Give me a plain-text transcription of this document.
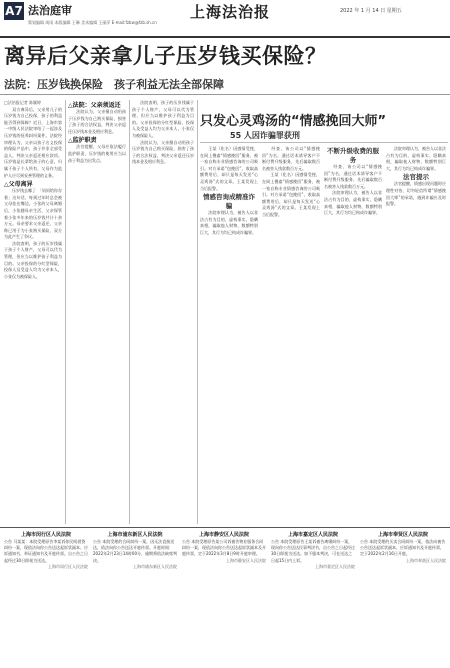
A7 法治庭审
策划编辑 周雨 本版编辑 王琳 美术编辑 王丽萍 E-mail:fzbw@fzb.sh.cn
上海法治报	2022 年 1 月 14 日 星期五
离异后父亲拿儿子压岁钱买保险？
法院：压岁钱换保险　孩子利益无法全部保障

□法治报记者 陈颖婷

　　双方离异后，父亲用儿子的压岁钱为自己投保，孩子的利益能否得到保障？近日，上海市第一中级人民法院审结了一起涉及压岁钱的抚养纠纷案件。法院经审理认为，父亲以孩子名义投保的保险产品中，孩子并非全部受益人，判决父亲返还相应款项。压岁钱是长辈给孩子的心意，归属于孩子个人所有，父母作为监护人应尽到妥善管理的义务。

△父母离异

　　压岁钱去哪了　「妈妈给你存着」这句话，每到过年时总会被父母挂在嘴边。小张的父母离婚后，小张随母亲生活，父亲保管着小张多年来的压岁钱共计十余万元。母亲要求父亲返还，父亲称已用于为小张购买保险，双方为此产生了争议。

　　法院查明，孩子的压岁钱属于孩子个人财产，父母可以代为管理，但应当以维护孩子利益为目的。父亲投保的分红型保险，投保人及受益人均为父亲本人，小张仅为被保险人。

△法院：父亲须返还

　　法院认为，父亲擅自动用孩子压岁钱为自己购买保险，损害了孩子的合法权益，判决父亲返还压岁钱本金及相应利息。

△监护职责

　　法官提醒，父母应依法履行监护职责，压岁钱的使用应当以孩子利益为出发点。

　　法院查明，孩子的压岁钱属于孩子个人财产，父母可以代为管理，但应当以维护孩子利益为目的。父亲投保的分红型保险，投保人及受益人均为父亲本人，小张仅为被保险人。

　　法院认为，父亲擅自动用孩子压岁钱为自己购买保险，损害了孩子的合法权益，判决父亲返还压岁钱本金及相应利息。

只发心灵鸡汤的“情感挽回大师”
55 人因诈骗罪获刑

　　王某（化名）因感情受挫，在网上搜索“情感挽回”服务，被一家自称专业情感咨询的公司吸引。对方承诺“包挽回”，收取高额费用后，却只是每天发送“心灵鸡汤”式的文章。王某发现上当后报警。

情感咨询成精准诈骗

　　法院审理认为，被告人以非法占有为目的，虚构事实、隐瞒真相，骗取他人财物，数额特别巨大，其行为均已构成诈骗罪。

　　经查，该公司以“情感挽回”为名，通过话术诱导客户不断付费升级服务，先后骗取数百名被害人钱款数百万元。

　　王某（化名）因感情受挫，在网上搜索“情感挽回”服务，被一家自称专业情感咨询的公司吸引。对方承诺“包挽回”，收取高额费用后，却只是每天发送“心灵鸡汤”式的文章。王某发现上当后报警。

不断升级收费的服务

　　经查，该公司以“情感挽回”为名，通过话术诱导客户不断付费升级服务，先后骗取数百名被害人钱款数百万元。

　　法院审理认为，被告人以非法占有为目的，虚构事实、隐瞒真相，骗取他人财物，数额特别巨大，其行为均已构成诈骗罪。

　　法院审理认为，被告人以非法占有为目的，虚构事实、隐瞒真相，骗取他人财物，数额特别巨大，其行为均已构成诈骗罪。

法官提示

　　法官提醒，情感出现问题时应理性对待，切勿轻信所谓“情感挽回大师”的承诺，遇到诈骗应及时报警。

上海市闵行区人民法院

公告 马某某：本院受理原告李某诉你民间借贷纠纷一案，现依法向你公告送达起诉状副本、应诉通知书、举证通知书及开庭传票。自公告之日起经过30日即视为送达。

上海市闵行区人民法院

上海市浦东新区人民法院

公告 本院受理的合同纠纷一案，因无法直接送达，依法向你公告送达开庭传票。开庭时间：2022年2月23日14时00分，逾期将依法缺席判决。

上海市浦东新区人民法院

上海市静安区人民法院

公告 本院受理原告某公司诉被告物业服务合同纠纷一案，现依法向你公告送达起诉状副本及开庭传票，定于2022年3月8日9时开庭审理。

上海市静安区人民法院

上海市嘉定区人民法院

公告 本院受理原告王某诉被告离婚纠纷一案，现向你公告送达民事判决书，自公告之日起经过30日即视为送达。如不服本判决，可在送达之日起15日内上诉。

上海市嘉定区人民法院

上海市奉贤区人民法院

公告 本院受理的买卖合同纠纷一案，依法向被告公告送达起诉状副本、应诉通知书及开庭传票，定于2022年2月16日开庭。

上海市奉贤区人民法院
